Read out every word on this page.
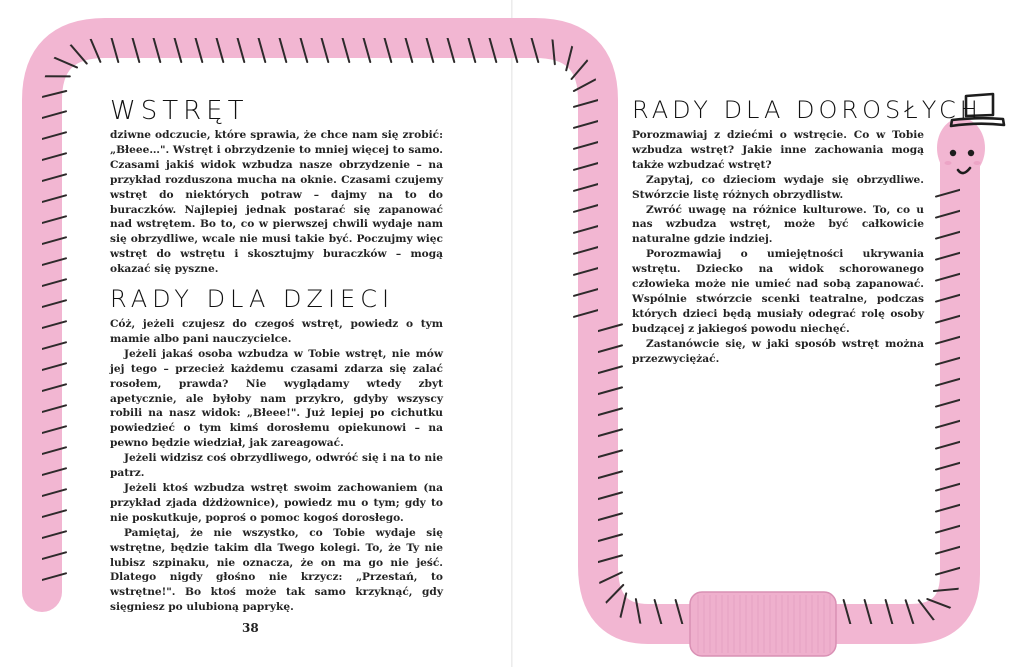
WSTRĘT

dziwne odczucie, które sprawia, że chce nam się zrobić: „Błeee…". Wstręt i obrzydzenie to mniej więcej to samo. Czasami jakiś widok wzbudza nasze obrzydzenie – na przykład rozduszona mucha na oknie. Czasami czujemy wstręt do niektórych potraw – dajmy na to do buraczków. Najlepiej jednak postarać się zapanować nad wstrętem. Bo to, co w pierwszej chwili wydaje nam się obrzydliwe, wcale nie musi takie być. Poczujmy więc wstręt do wstrętu i skosztujmy buraczków – mogą okazać się pyszne.

RADY DLA DZIECI

Cóż, jeżeli czujesz do czegoś wstręt, powiedz o tym mamie albo pani nauczycielce.

Jeżeli jakaś osoba wzbudza w Tobie wstręt, nie mów jej tego – przecież każdemu czasami zdarza się zalać rosołem, prawda? Nie wyglądamy wtedy zbyt apetycznie, ale byłoby nam przykro, gdyby wszyscy robili na nasz widok: „Błeee!". Już lepiej po cichutku powiedzieć o tym kimś dorosłemu opiekunowi – na pewno będzie wiedział, jak zareagować.

Jeżeli widzisz coś obrzydliwego, odwróć się i na to nie patrz.

Jeżeli ktoś wzbudza wstręt swoim zachowaniem (na przykład zjada dżdżownice), powiedz mu o tym; gdy to nie poskutkuje, poproś o pomoc kogoś dorosłego.

Pamiętaj, że nie wszystko, co Tobie wydaje się wstrętne, będzie takim dla Twego kolegi. To, że Ty nie lubisz szpinaku, nie oznacza, że on ma go nie jeść. Dlatego nigdy głośno nie krzycz: „Przestań, to wstrętne!". Bo ktoś może tak samo krzyknąć, gdy sięgniesz po ulubioną paprykę.

38
RADY DLA DOROSŁYCH

Porozmawiaj z dziećmi o wstręcie. Co w Tobie wzbudza wstręt? Jakie inne zachowania mogą także wzbudzać wstręt?

Zapytaj, co dzieciom wydaje się obrzydliwe. Stwórzcie listę różnych obrzydlistw.

Zwróć uwagę na różnice kulturowe. To, co u nas wzbudza wstręt, może być całkowicie naturalne gdzie indziej.

Porozmawiaj o umiejętności ukrywania wstrętu. Dziecko na widok schorowanego człowieka może nie umieć nad sobą zapanować. Wspólnie stwórzcie scenki teatralne, podczas których dzieci będą musiały odegrać rolę osoby budzącej z jakiegoś powodu niechęć.

Zastanówcie się, w jaki sposób wstręt można przezwyciężać.
